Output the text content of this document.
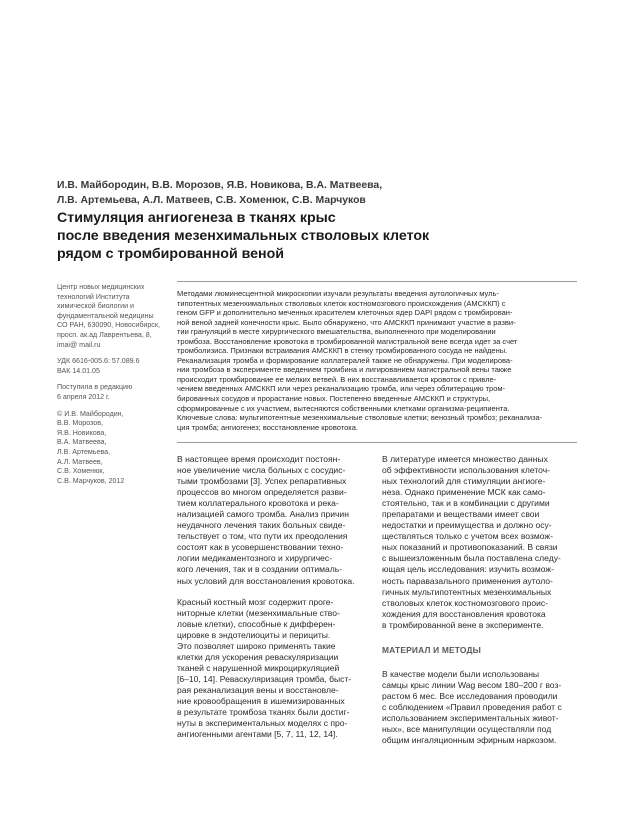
И.В. Майбородин, В.В. Морозов, Я.В. Новикова, В.А. Матвеева,
Л.В. Артемьева, А.Л. Матвеев, С.В. Хоменюк, С.В. Марчуков
Стимуляция ангиогенеза в тканях крыс
после введения мезенхимальных стволовых клеток
рядом с тромбированной веной
Центр новых медицинских
технологий Института
химической биологии и
фундаментальной медицины
СО РАН, 630090, Новосибирск,
просп. ак.ад Лаврентьева, 8,
imai@ mail.ru
УДК 6616-005.6: 57.089.6
ВАК 14.01.05
Поступила в редакцию
6 апреля 2012 г.
© И.В. Майбородин,
В.В. Морозов,
Я.В. Новикова,
В.А. Матвеева,
Л.В. Артемьева,
А.Л. Матвеев,
С.В. Хоменюк,
С.В. Марчуков, 2012
Методами люминесцентной микроскопии изучали результаты введения аутологичных муль-
типотентных мезенхимальных стволовых клеток костномозгового происхождения (АМСККП) с
геном GFP и дополнительно меченных красителем клеточных ядер DAPI рядом с тромбирован-
ной веной задней конечности крыс. Было обнаружено, что АМСККП принимают участие в разви-
тии грануляций в месте хирургического вмешательства, выполненного при моделировании
тромбоза. Восстановление кровотока в тромбированной магистральной вене всегда идет за счет
тромболизиса. Признаки встраивания АМСККП в стенку тромбированного сосуда не найдены.
Реканализация тромба и формирование коллатералей также не обнаружены. При моделирова-
нии тромбоза в эксперименте введением тромбина и лигированием магистральной вены также
происходит тромбирование ее мелких ветвей. В них восстанавливается кровоток с привле-
чением введенных АМСККП или через реканализацию тромба, или через облитерацию тром-
бированных сосудов и прорастание новых. Постепенно введенные АМСККП и структуры,
сформированные с их участием, вытесняются собственными клетками организма-реципиента.
Ключевые слова: мультипотентные мезенхимальные стволовые клетки; венозный тромбоз; реканализа-
ция тромба; ангиогенез; восстановление кровотока.
В настоящее время происходит постоян-
ное увеличение числа больных с сосудис-
тыми тромбозами [3]. Успех репаративных
процессов во многом определяется разви-
тием коллатерального кровотока и река-
нализацией самого тромба. Анализ причин
неудачного лечения таких больных свиде-
тельствует о том, что пути их преодоления
состоят как в усовершенствовании техно-
логии медикаментозного и хирургичес-
кого лечения, так и в создании оптималь-
ных условий для восстановления кровотока.
Красный костный мозг содержит проге-
ниторные клетки (мезенхимальные ство-
ловые клетки), способные к дифферен-
цировке в эндотелиоциты и перициты.
Это позволяет широко применять такие
клетки для ускорения реваскуляризации
тканей с нарушенной микроциркуляцией
[6–10, 14]. Реваскуляризация тромба, быст-
рая реканализация вены и восстановле-
ние кровообращения в ишемизированных
в результате тромбоза тканях были достиг-
нуты в экспериментальных моделях с про-
ангиогенными агентами [5, 7, 11, 12, 14].
В литературе имеется множество данных
об эффективности использования клеточ-
ных технологий для стимуляции ангиоге-
неза. Однако применение МСК как само-
стоятельно, так и в комбинации с другими
препаратами и веществами имеет свои
недостатки и преимущества и должно осу-
ществляться только с учетом всех возмож-
ных показаний и противопоказаний. В связи
с вышеизложенным была поставлена следу-
ющая цель исследования: изучить возмож-
ность паравазального применения аутоло-
гичных мультипотентных мезенхимальных
стволовых клеток костномозгового проис-
хождения для восстановления кровотока
в тромбированной вене в эксперименте.
МАТЕРИАЛ И МЕТОДЫ
В качестве модели были использованы
самцы крыс линии Wag весом 180–200 г воз-
растом 6 мес. Все исследования проводили
с соблюдением «Правил проведения работ с
использованием экспериментальных живот-
ных», все манипуляции осуществляли под
общим ингаляционным эфирным наркозом.
